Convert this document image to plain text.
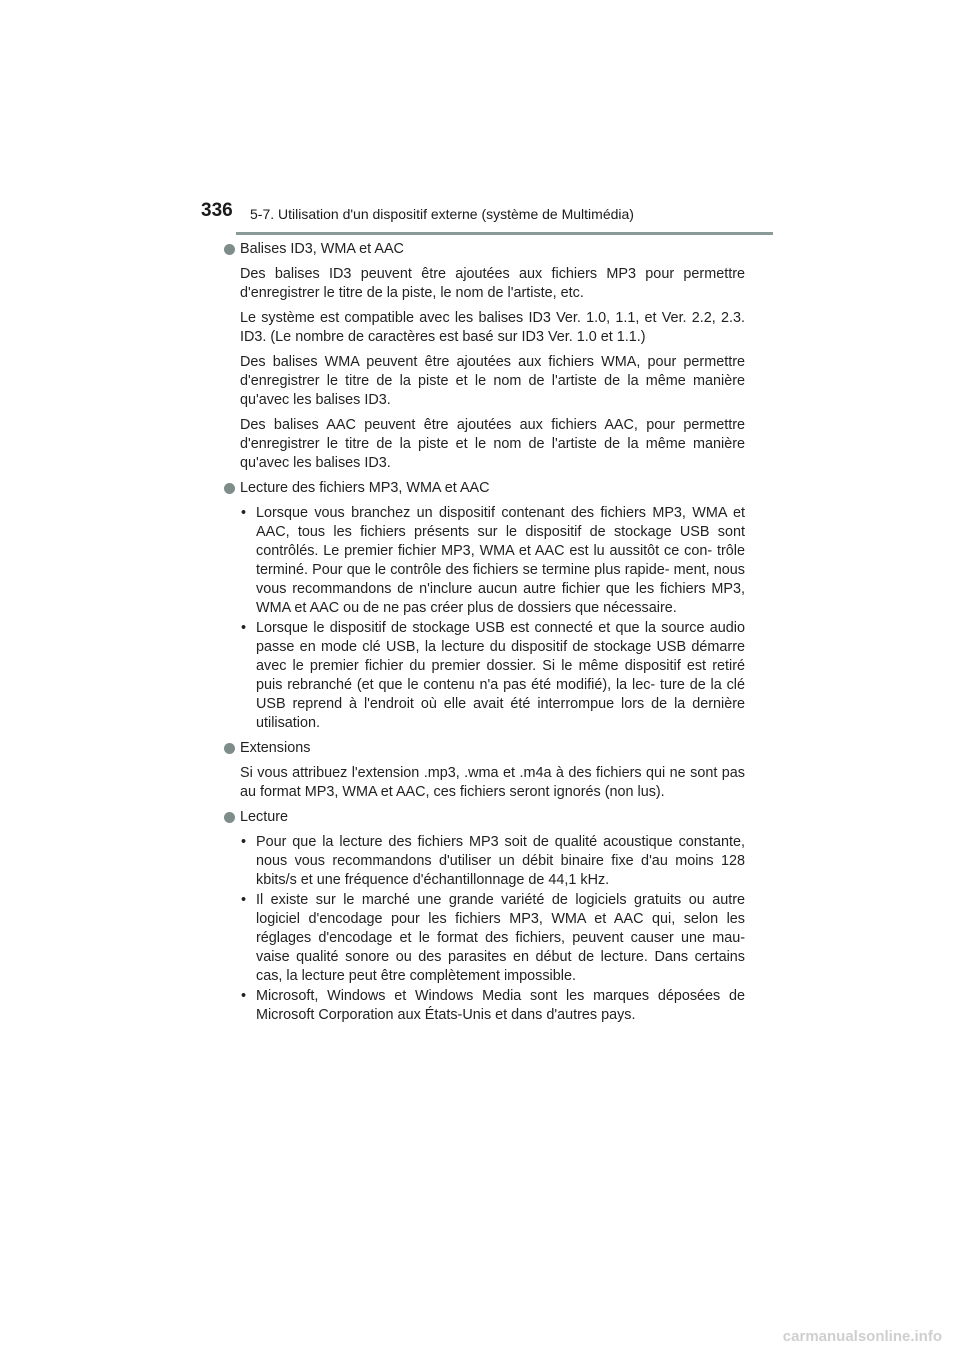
336 5-7. Utilisation d'un dispositif externe (système de Multimédia)
Balises ID3, WMA et AAC

Des balises ID3 peuvent être ajoutées aux fichiers MP3 pour permettre d'enregistrer le titre de la piste, le nom de l'artiste, etc.

Le système est compatible avec les balises ID3 Ver. 1.0, 1.1, et Ver. 2.2, 2.3. ID3. (Le nombre de caractères est basé sur ID3 Ver. 1.0 et 1.1.)

Des balises WMA peuvent être ajoutées aux fichiers WMA, pour permettre d'enregistrer le titre de la piste et le nom de l'artiste de la même manière qu'avec les balises ID3.

Des balises AAC peuvent être ajoutées aux fichiers AAC, pour permettre d'enregistrer le titre de la piste et le nom de l'artiste de la même manière qu'avec les balises ID3.

Lecture des fichiers MP3, WMA et AAC
• Lorsque vous branchez un dispositif contenant des fichiers MP3, WMA et AAC, tous les fichiers présents sur le dispositif de stockage USB sont contrôlés. Le premier fichier MP3, WMA et AAC est lu aussitôt ce con- trôle terminé. Pour que le contrôle des fichiers se termine plus rapide- ment, nous vous recommandons de n'inclure aucun autre fichier que les fichiers MP3, WMA et AAC ou de ne pas créer plus de dossiers que nécessaire.
• Lorsque le dispositif de stockage USB est connecté et que la source audio passe en mode clé USB, la lecture du dispositif de stockage USB démarre avec le premier fichier du premier dossier. Si le même dispositif est retiré puis rebranché (et que le contenu n'a pas été modifié), la lec- ture de la clé USB reprend à l'endroit où elle avait été interrompue lors de la dernière utilisation.
Extensions

Si vous attribuez l'extension .mp3, .wma et .m4a à des fichiers qui ne sont pas au format MP3, WMA et AAC, ces fichiers seront ignorés (non lus).

Lecture
• Pour que la lecture des fichiers MP3 soit de qualité acoustique constante, nous vous recommandons d'utiliser un débit binaire fixe d'au moins 128 kbits/s et une fréquence d'échantillonnage de 44,1 kHz.
• Il existe sur le marché une grande variété de logiciels gratuits ou autre logiciel d'encodage pour les fichiers MP3, WMA et AAC qui, selon les réglages d'encodage et le format des fichiers, peuvent causer une mau- vaise qualité sonore ou des parasites en début de lecture. Dans certains cas, la lecture peut être complètement impossible.
• Microsoft, Windows et Windows Media sont les marques déposées de Microsoft Corporation aux États-Unis et dans d'autres pays.
carmanualsonline.info
